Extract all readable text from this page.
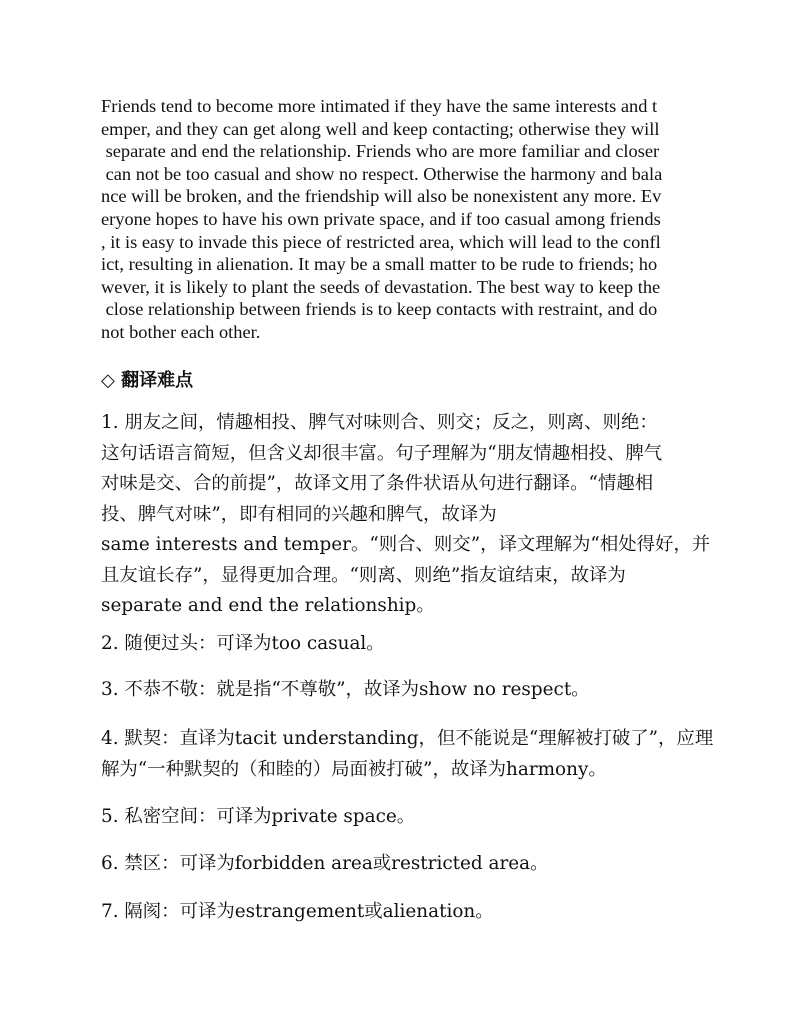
Friends tend to become more intimated if they have the same interests and t
emper, and they can get along well and keep contacting; otherwise they will
separate and end the relationship. Friends who are more familiar and closer
can not be too casual and show no respect. Otherwise the harmony and bala
nce will be broken, and the friendship will also be nonexistent any more. Ev
eryone hopes to have his own private space, and if too casual among friends
, it is easy to invade this piece of restricted area, which will lead to the confl
ict, resulting in alienation. It may be a small matter to be rude to friends; ho
wever, it is likely to plant the seeds of devastation. The best way to keep the
close relationship between friends is to keep contacts with restraint, and do
not bother each other.
◇ 翻译难点
1. 朋友之间，情趣相投、脾气对味则合、则交；反之，则离、则绝：
这句话语言简短，但含义却很丰富。句子理解为“朋友情趣相投、脾气
对味是交、合的前提”，故译文用了条件状语从句进行翻译。“情趣相
投、脾气对味”，即有相同的兴趣和脾气，故译为
same interests and temper。“则合、则交”，译文理解为“相处得好，并
且友谊长存”，显得更加合理。“则离、则绝”指友谊结束，故译为
separate and end the relationship。
2. 随便过头：可译为too casual。
3. 不恭不敬：就是指“不尊敬”，故译为show no respect。
4. 默契：直译为tacit understanding，但不能说是“理解被打破了”，应理
解为“一种默契的（和睦的）局面被打破”，故译为harmony。
5. 私密空间：可译为private space。
6. 禁区：可译为forbidden area或restricted area。
7. 隔阂：可译为estrangement或alienation。
